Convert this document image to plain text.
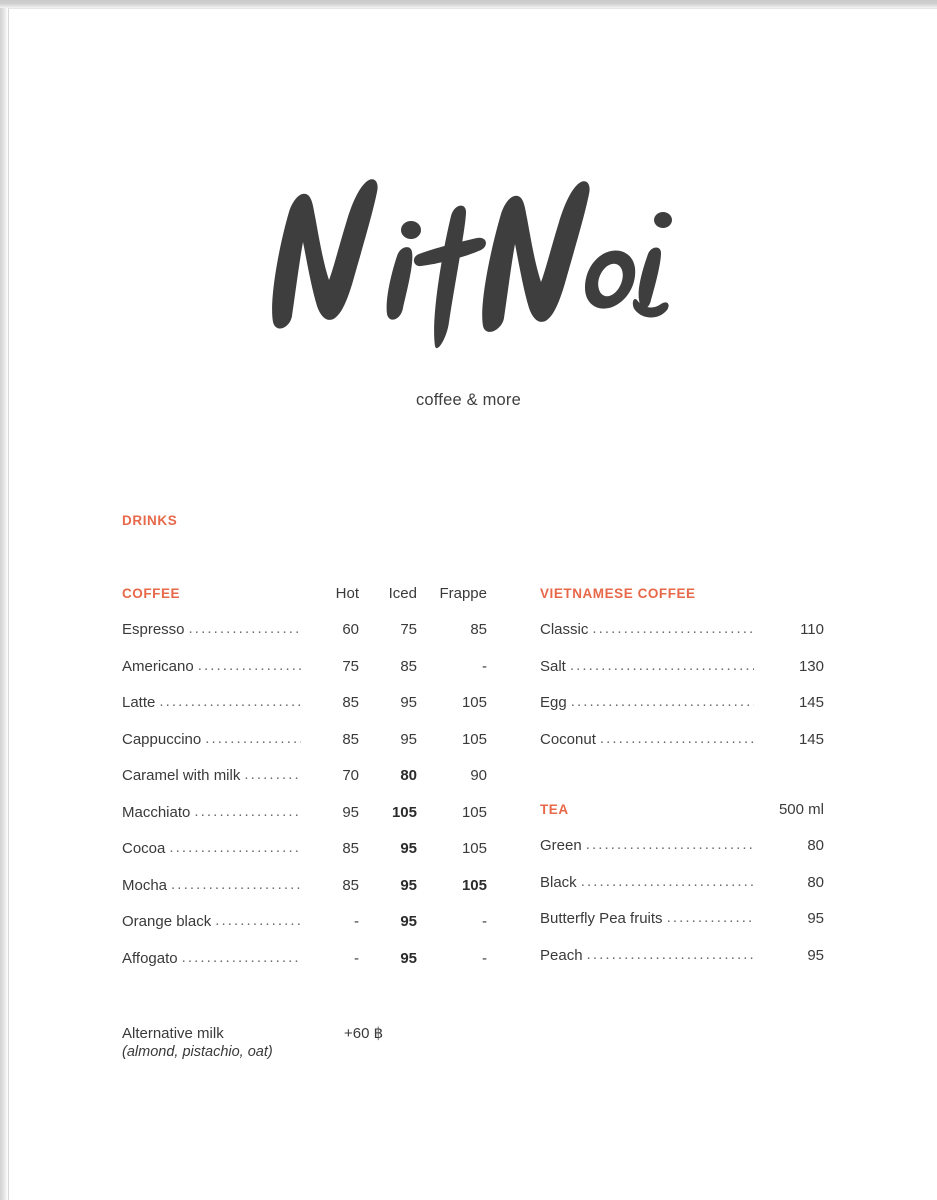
coffee & more
DRINKS
COFFEE	Hot	Iced	Frappe
Espresso .....	60	75	85
Americano .....	75	85	-
Latte .....	85	95	105
Cappuccino .....	85	95	105
Caramel with milk .....	70	80	90
Macchiato .....	95	105	105
Cocoa .....	85	95	105
Mocha .....	85	95	105
Orange black .....	-	95	-
Affogato .....	-	95	-
VIETNAMESE COFFEE
Classic .....	110
Salt .....	130
Egg .....	145
Coconut .....	145
TEA	500 ml
Green .....	80
Black .....	80
Butterfly Pea fruits .....	95
Peach .....	95
Alternative milk
(almond, pistachio, oat)
+60 ฿
